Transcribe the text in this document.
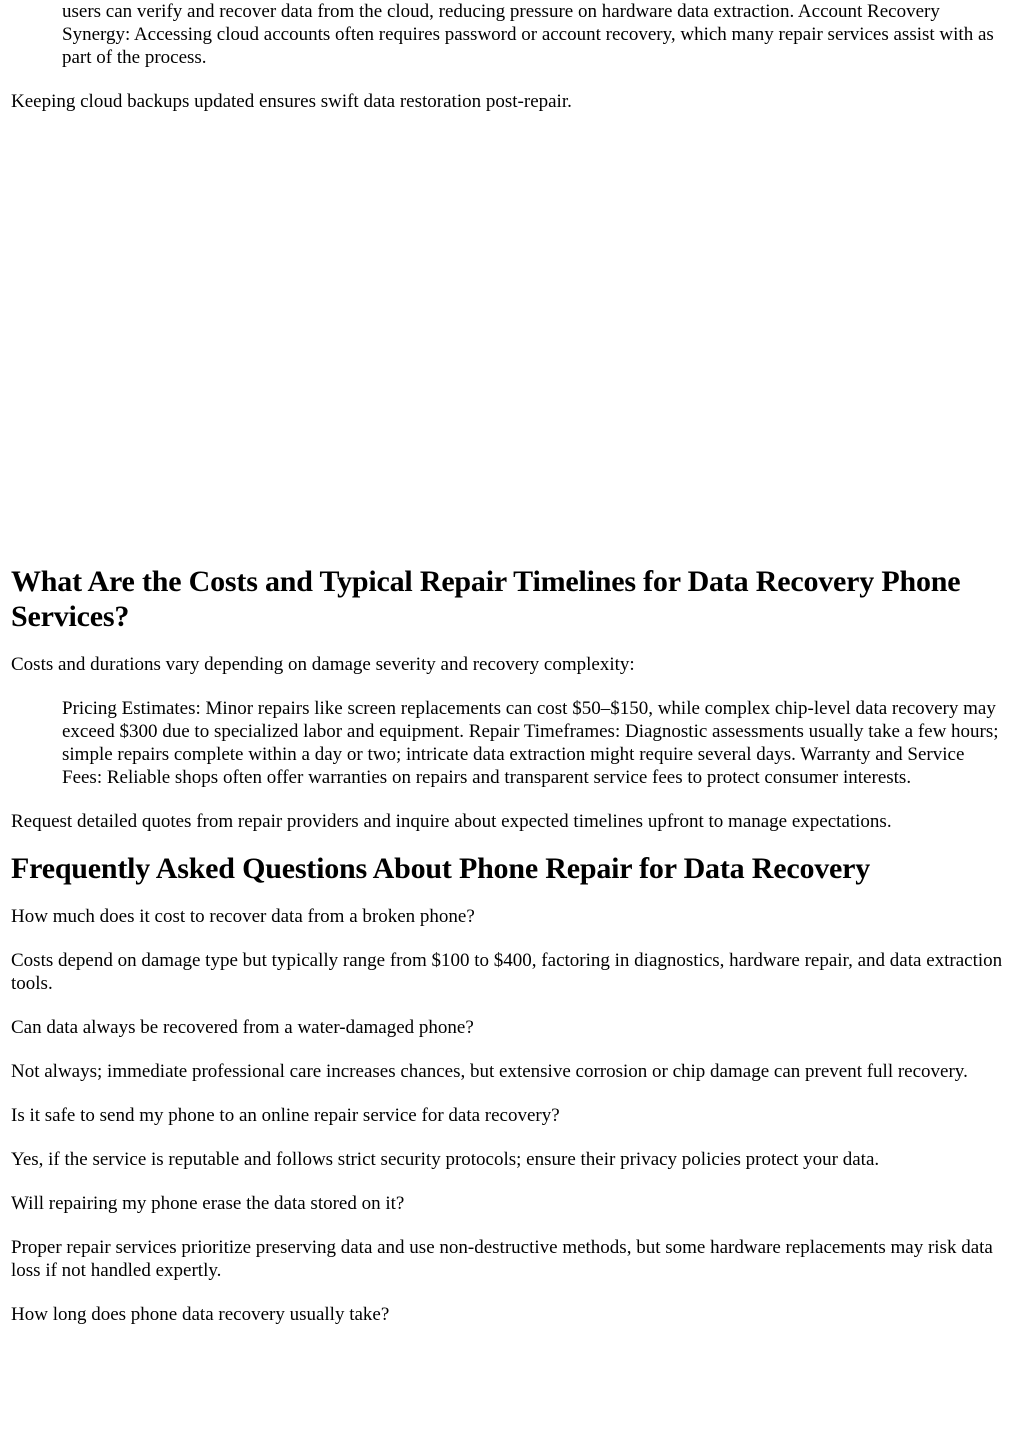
users can verify and recover data from the cloud, reducing pressure on hardware data extraction. Account Recovery Synergy: Accessing cloud accounts often requires password or account recovery, which many repair services assist with as part of the process.

Keeping cloud backups updated ensures swift data restoration post-repair.

What Are the Costs and Typical Repair Timelines for Data Recovery Phone Services?

Costs and durations vary depending on damage severity and recovery complexity:

Pricing Estimates: Minor repairs like screen replacements can cost $50–$150, while complex chip-level data recovery may exceed $300 due to specialized labor and equipment. Repair Timeframes: Diagnostic assessments usually take a few hours; simple repairs complete within a day or two; intricate data extraction might require several days. Warranty and Service Fees: Reliable shops often offer warranties on repairs and transparent service fees to protect consumer interests.

Request detailed quotes from repair providers and inquire about expected timelines upfront to manage expectations.

Frequently Asked Questions About Phone Repair for Data Recovery

How much does it cost to recover data from a broken phone?

Costs depend on damage type but typically range from $100 to $400, factoring in diagnostics, hardware repair, and data extraction tools.

Can data always be recovered from a water-damaged phone?

Not always; immediate professional care increases chances, but extensive corrosion or chip damage can prevent full recovery.

Is it safe to send my phone to an online repair service for data recovery?

Yes, if the service is reputable and follows strict security protocols; ensure their privacy policies protect your data.

Will repairing my phone erase the data stored on it?

Proper repair services prioritize preserving data and use non-destructive methods, but some hardware replacements may risk data loss if not handled expertly.

How long does phone data recovery usually take?
